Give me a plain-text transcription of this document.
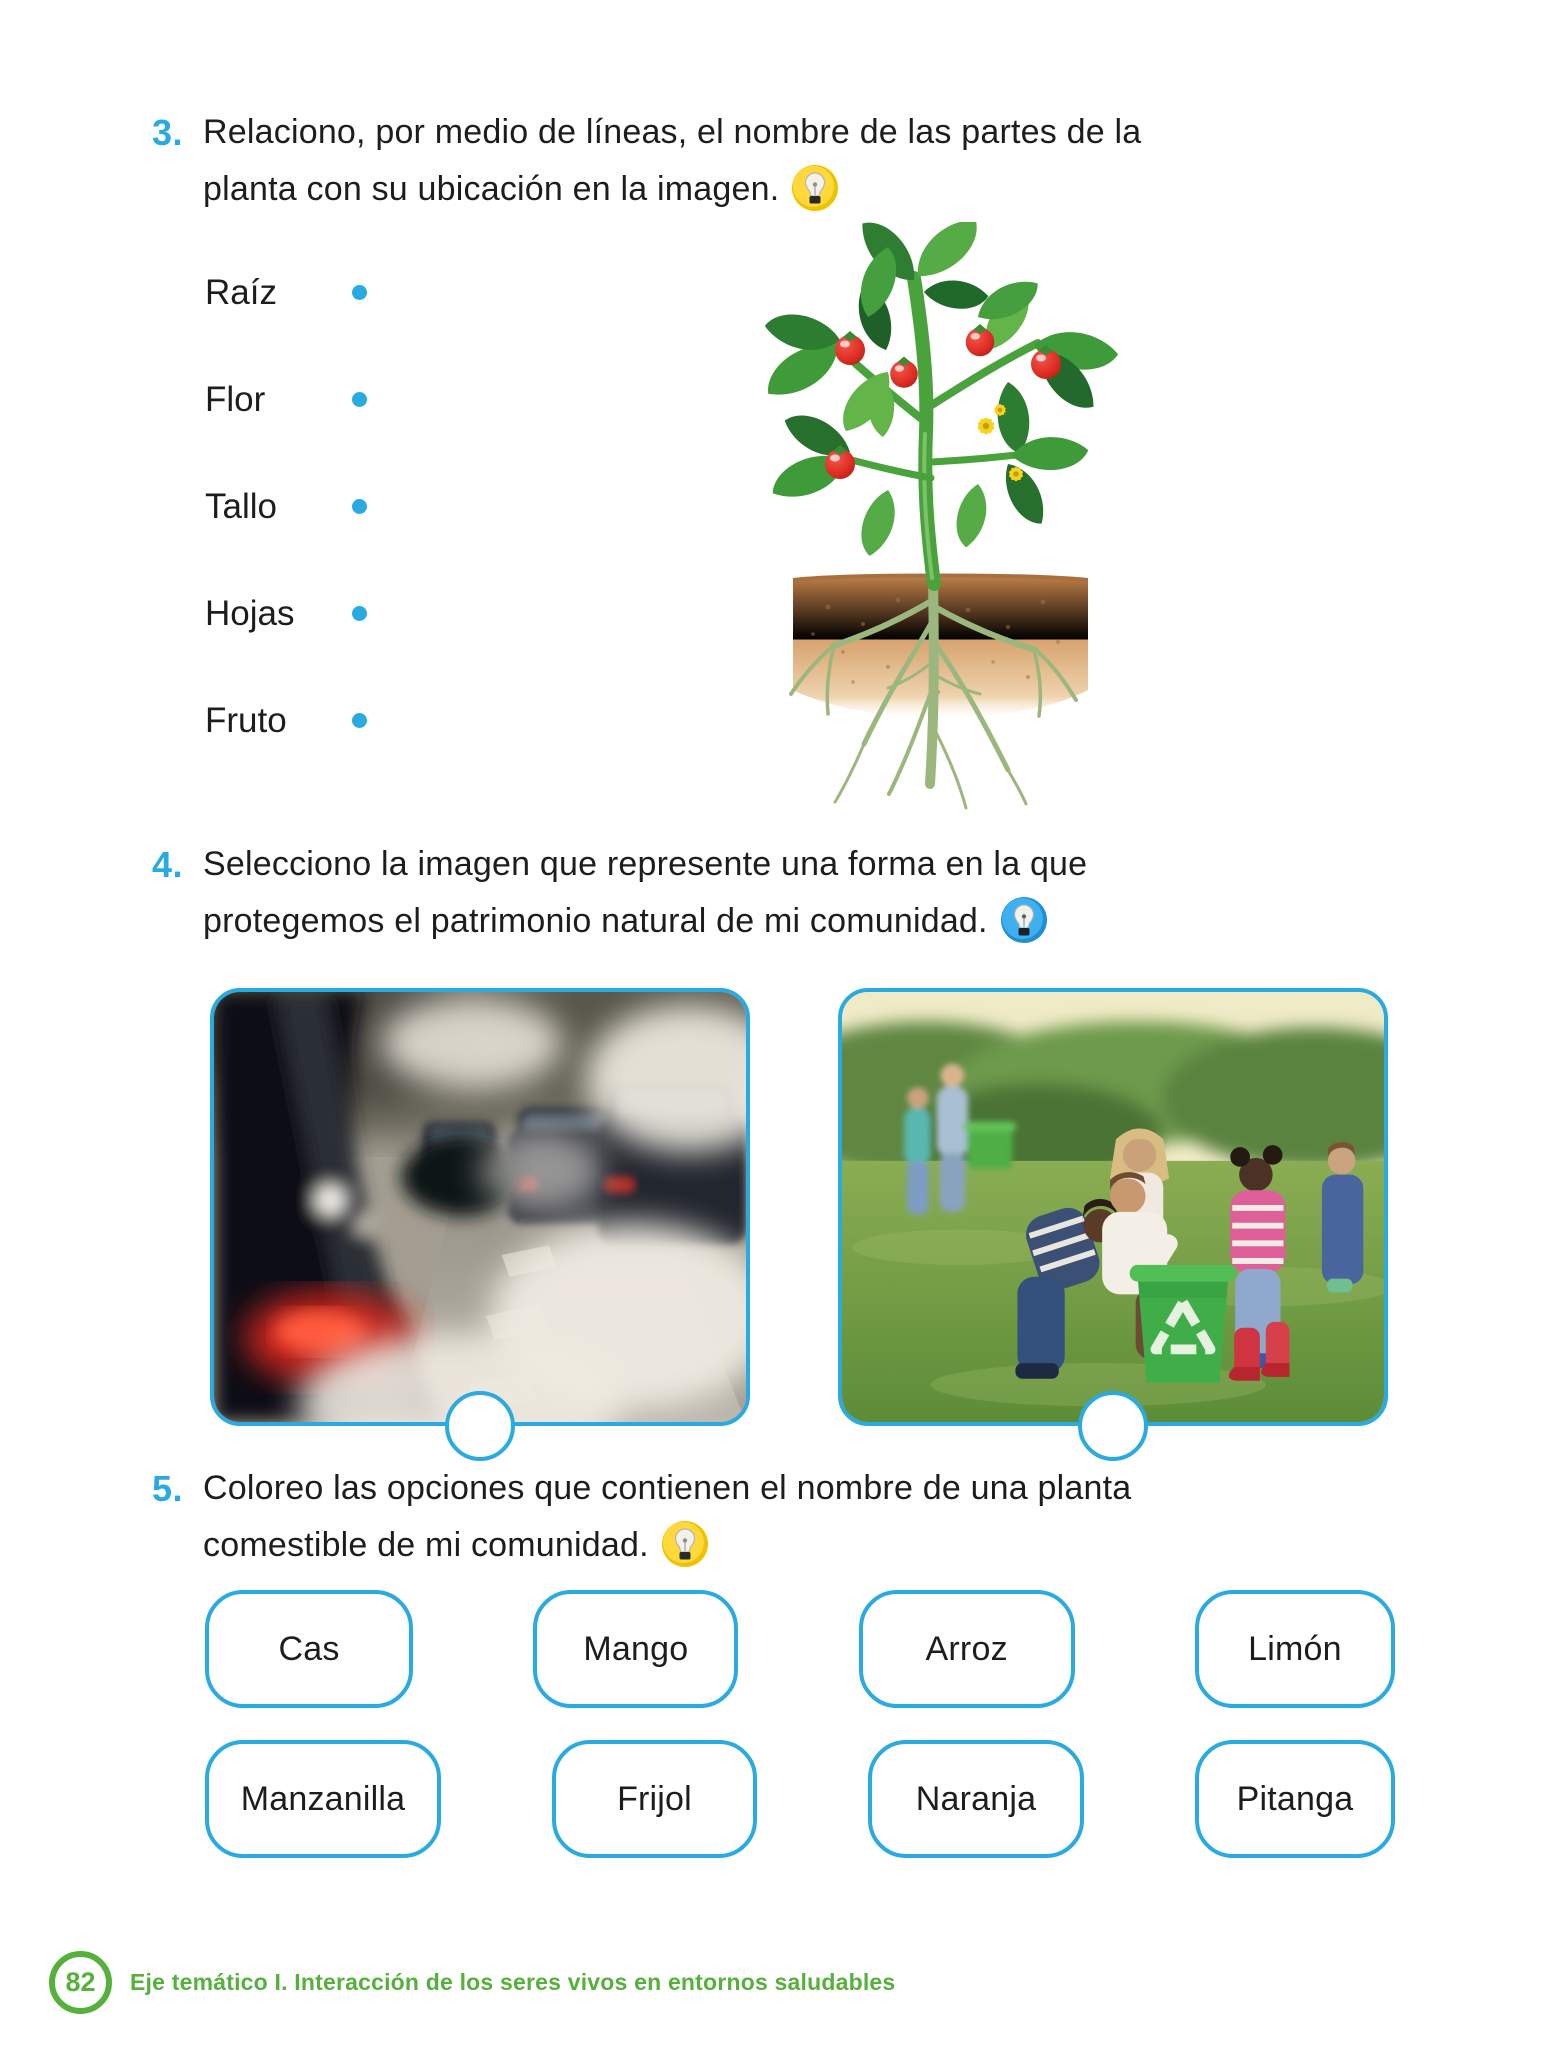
3. Relaciono, por medio de líneas, el nombre de las partes de la
planta con su ubicación en la imagen.
Raíz
Flor
Tallo
Hojas
Fruto
4. Selecciono la imagen que represente una forma en la que
protegemos el patrimonio natural de mi comunidad.
5. Coloreo las opciones que contienen el nombre de una planta
comestible de mi comunidad.
Cas	Mango	Arroz	Limón
Manzanilla	Frijol	Naranja	Pitanga
82 Eje temático I. Interacción de los seres vivos en entornos saludables
